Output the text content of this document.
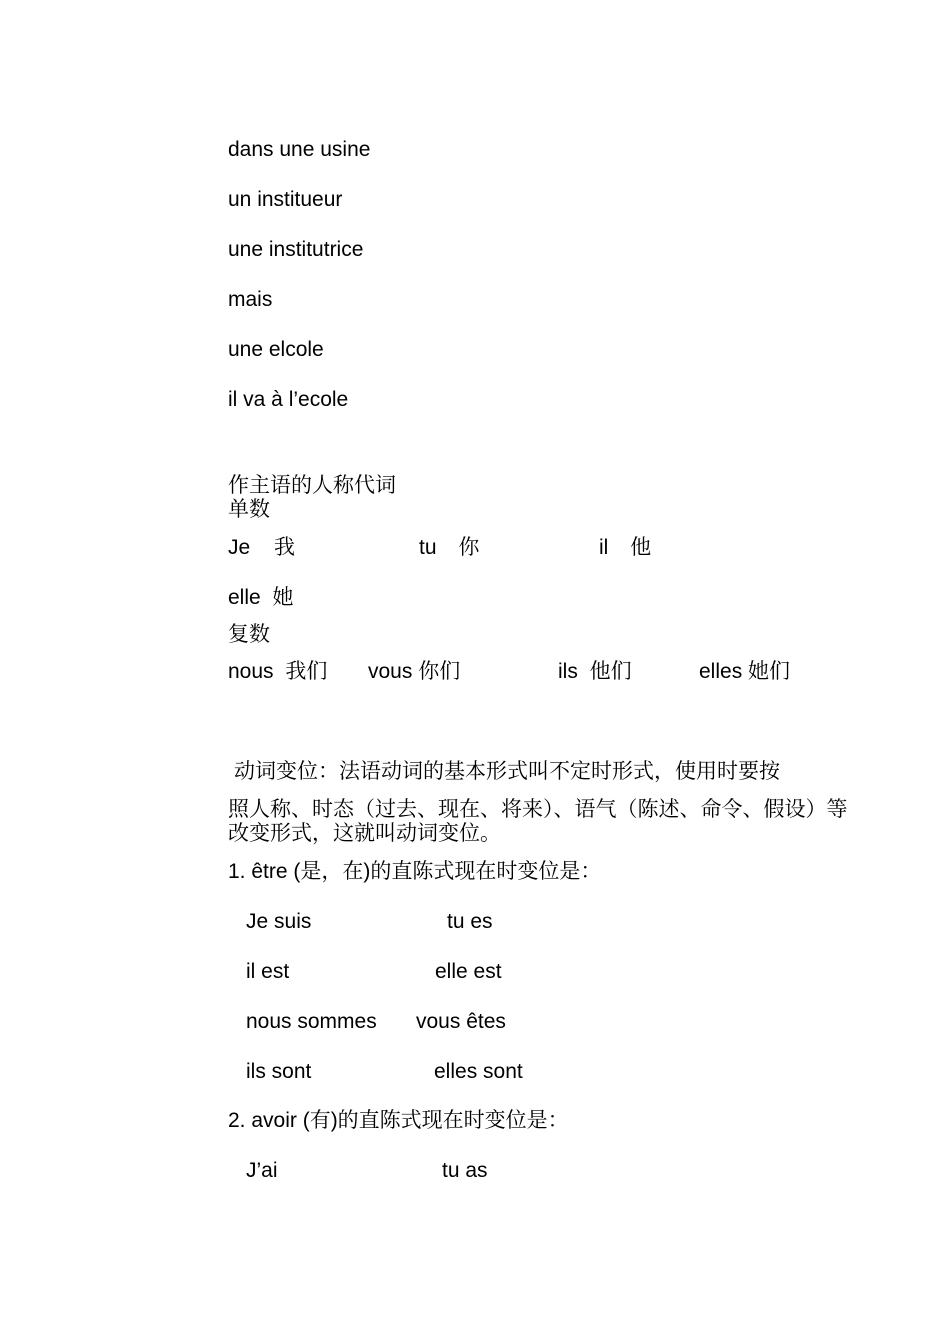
dans une usine
un institueur
une institutrice
mais
une elcole
il va à l’ecole
作主语的人称代词
单数
Je 我	tu 你	il 他
elle 她
复数
nous 我们 vous 你们	ils 他们	elles 她们
动词变位：法语动词的基本形式叫不定时形式，使用时要按
照人称、时态（过去、现在、将来）、语气（陈述、命令、假设）等
改变形式，这就叫动词变位。
1. être (是，在)的直陈式现在时变位是：
Je suis	tu es
il est	elle est
nous sommes vous êtes
ils sont	elles sont
2. avoir (有)的直陈式现在时变位是：
J’ai	tu as
